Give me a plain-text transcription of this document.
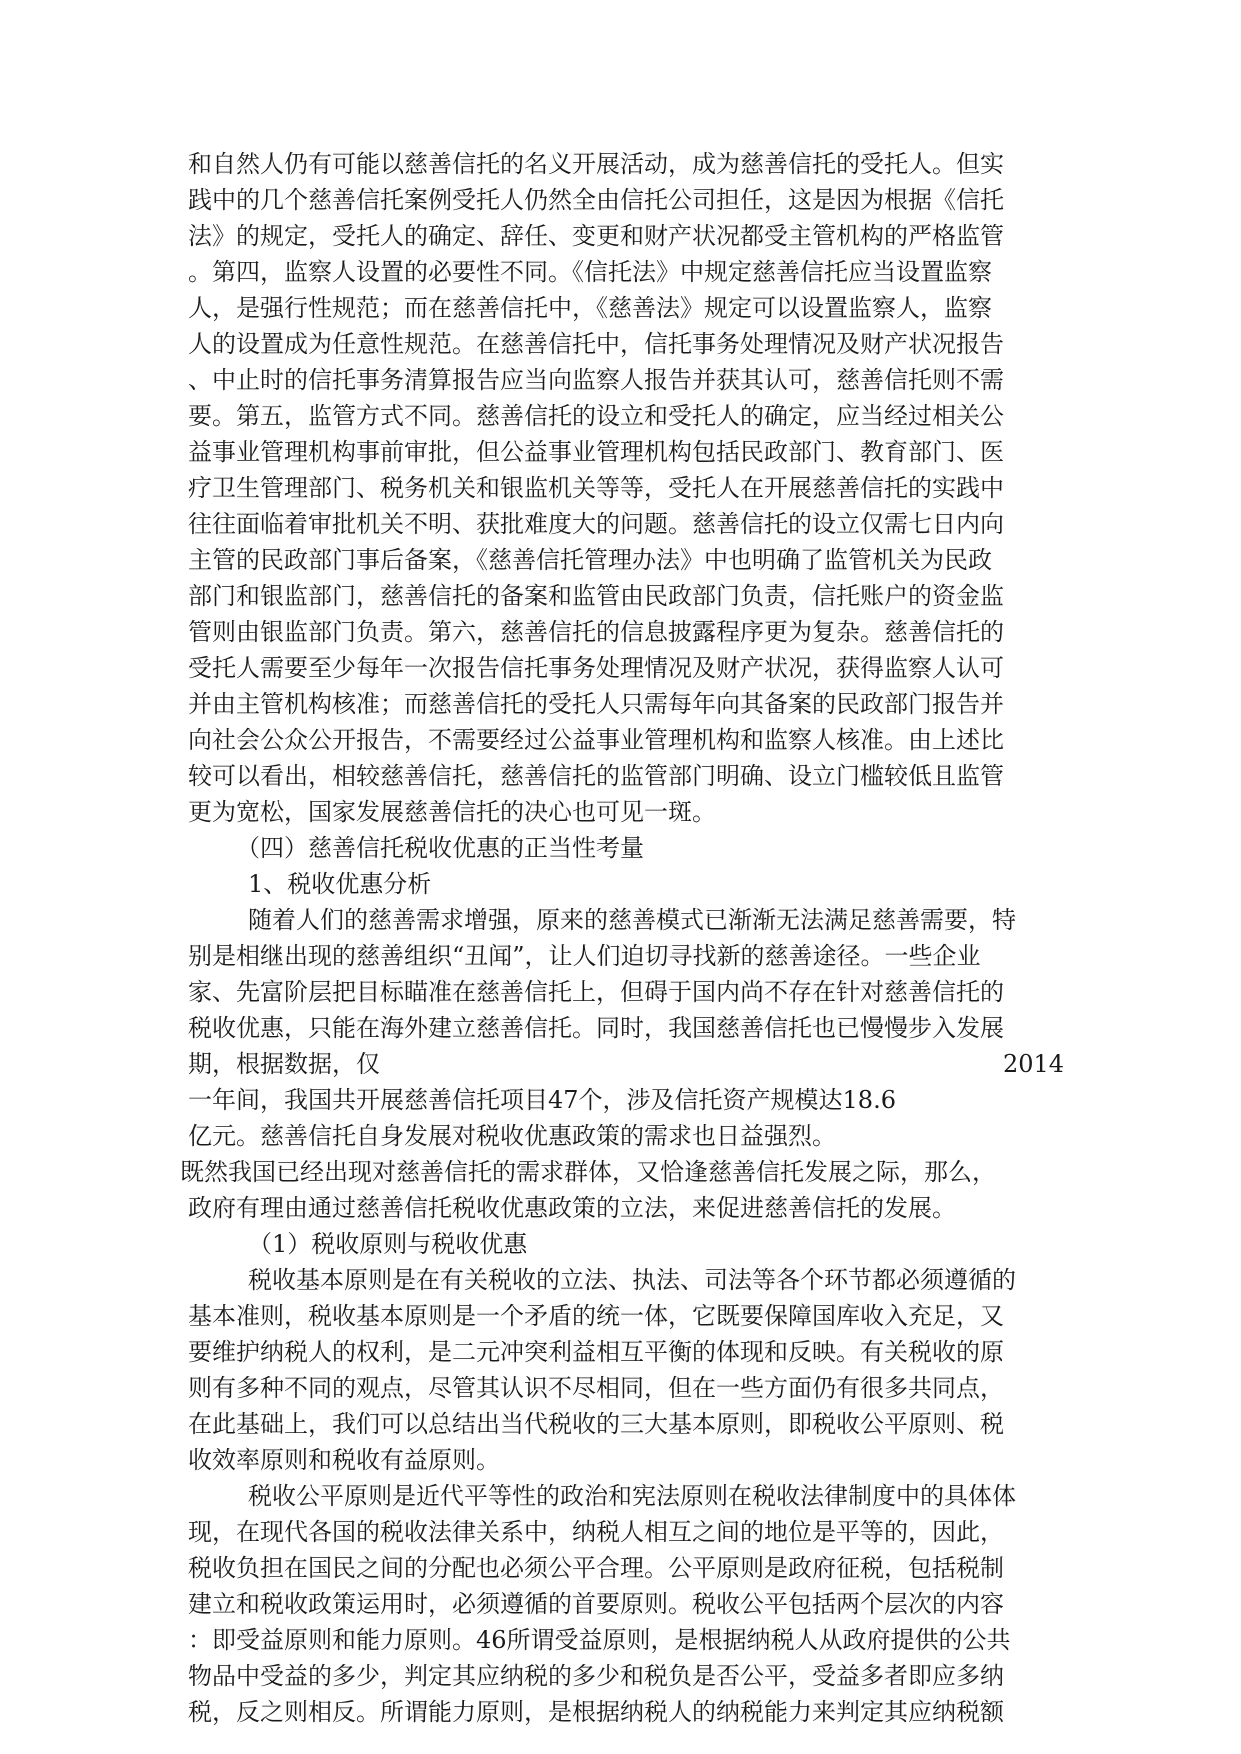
和自然人仍有可能以慈善信托的名义开展活动，成为慈善信托的受托人。但实
践中的几个慈善信托案例受托人仍然全由信托公司担任，这是因为根据《信托
法》的规定，受托人的确定、辞任、变更和财产状况都受主管机构的严格监管
。第四，监察人设置的必要性不同。《信托法》中规定慈善信托应当设置监察
人，是强行性规范；而在慈善信托中，《慈善法》规定可以设置监察人，监察
人的设置成为任意性规范。在慈善信托中，信托事务处理情况及财产状况报告
、中止时的信托事务清算报告应当向监察人报告并获其认可，慈善信托则不需
要。第五，监管方式不同。慈善信托的设立和受托人的确定，应当经过相关公
益事业管理机构事前审批，但公益事业管理机构包括民政部门、教育部门、医
疗卫生管理部门、税务机关和银监机关等等，受托人在开展慈善信托的实践中
往往面临着审批机关不明、获批难度大的问题。慈善信托的设立仅需七日内向
主管的民政部门事后备案，《慈善信托管理办法》中也明确了监管机关为民政
部门和银监部门，慈善信托的备案和监管由民政部门负责，信托账户的资金监
管则由银监部门负责。第六，慈善信托的信息披露程序更为复杂。慈善信托的
受托人需要至少每年一次报告信托事务处理情况及财产状况，获得监察人认可
并由主管机构核准；而慈善信托的受托人只需每年向其备案的民政部门报告并
向社会公众公开报告，不需要经过公益事业管理机构和监察人核准。由上述比
较可以看出，相较慈善信托，慈善信托的监管部门明确、设立门槛较低且监管
更为宽松，国家发展慈善信托的决心也可见一斑。
（四）慈善信托税收优惠的正当性考量
1、税收优惠分析
随着人们的慈善需求增强，原来的慈善模式已渐渐无法满足慈善需要，特
别是相继出现的慈善组织“丑闻”，让人们迫切寻找新的慈善途径。一些企业
家、先富阶层把目标瞄准在慈善信托上，但碍于国内尚不存在针对慈善信托的
税收优惠，只能在海外建立慈善信托。同时，我国慈善信托也已慢慢步入发展
期，根据数据，仅	2014
一年间，我国共开展慈善信托项目47个，涉及信托资产规模达18.6
亿元。慈善信托自身发展对税收优惠政策的需求也日益强烈。
既然我国已经出现对慈善信托的需求群体，又恰逢慈善信托发展之际，那么，
政府有理由通过慈善信托税收优惠政策的立法，来促进慈善信托的发展。
（1）税收原则与税收优惠
税收基本原则是在有关税收的立法、执法、司法等各个环节都必须遵循的
基本准则，税收基本原则是一个矛盾的统一体，它既要保障国库收入充足，又
要维护纳税人的权利，是二元冲突利益相互平衡的体现和反映。有关税收的原
则有多种不同的观点，尽管其认识不尽相同，但在一些方面仍有很多共同点，
在此基础上，我们可以总结出当代税收的三大基本原则，即税收公平原则、税
收效率原则和税收有益原则。
税收公平原则是近代平等性的政治和宪法原则在税收法律制度中的具体体
现，在现代各国的税收法律关系中，纳税人相互之间的地位是平等的，因此，
税收负担在国民之间的分配也必须公平合理。公平原则是政府征税，包括税制
建立和税收政策运用时，必须遵循的首要原则。税收公平包括两个层次的内容
：即受益原则和能力原则。46所谓受益原则，是根据纳税人从政府提供的公共
物品中受益的多少，判定其应纳税的多少和税负是否公平，受益多者即应多纳
税，反之则相反。所谓能力原则，是根据纳税人的纳税能力来判定其应纳税额
